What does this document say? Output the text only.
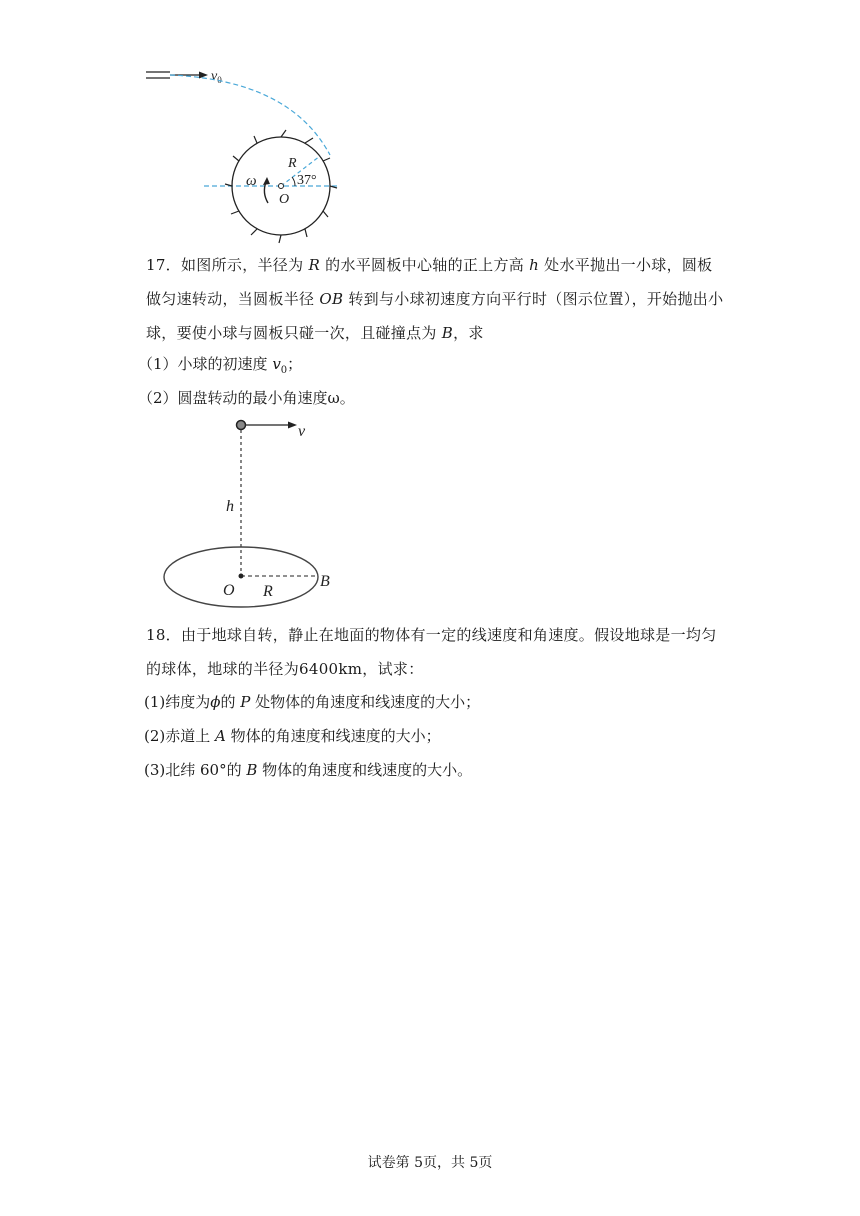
$v_0$
ω
R
37°
O

17．如图所示，半径为 R 的水平圆板中心轴的正上方高 h 处水平抛出一小球，圆板做匀速转动，当圆板半径 OB 转到与小球初速度方向平行时（图示位置），开始抛出小球，要使小球与圆板只碰一次，且碰撞点为 B，求

（1）小球的初速度 $v_0$；
（2）圆盘转动的最小角速度ω。
v
h
O R
B

18．由于地球自转，静止在地面的物体有一定的线速度和角速度。假设地球是一均匀的球体，地球的半径为6400km，试求：

(1)纬度为ϕ的 P 处物体的角速度和线速度的大小；
(2)赤道上 A 物体的角速度和线速度的大小；
(3)北纬 60°的 B 物体的角速度和线速度的大小。
试卷第 5页，共 5页
